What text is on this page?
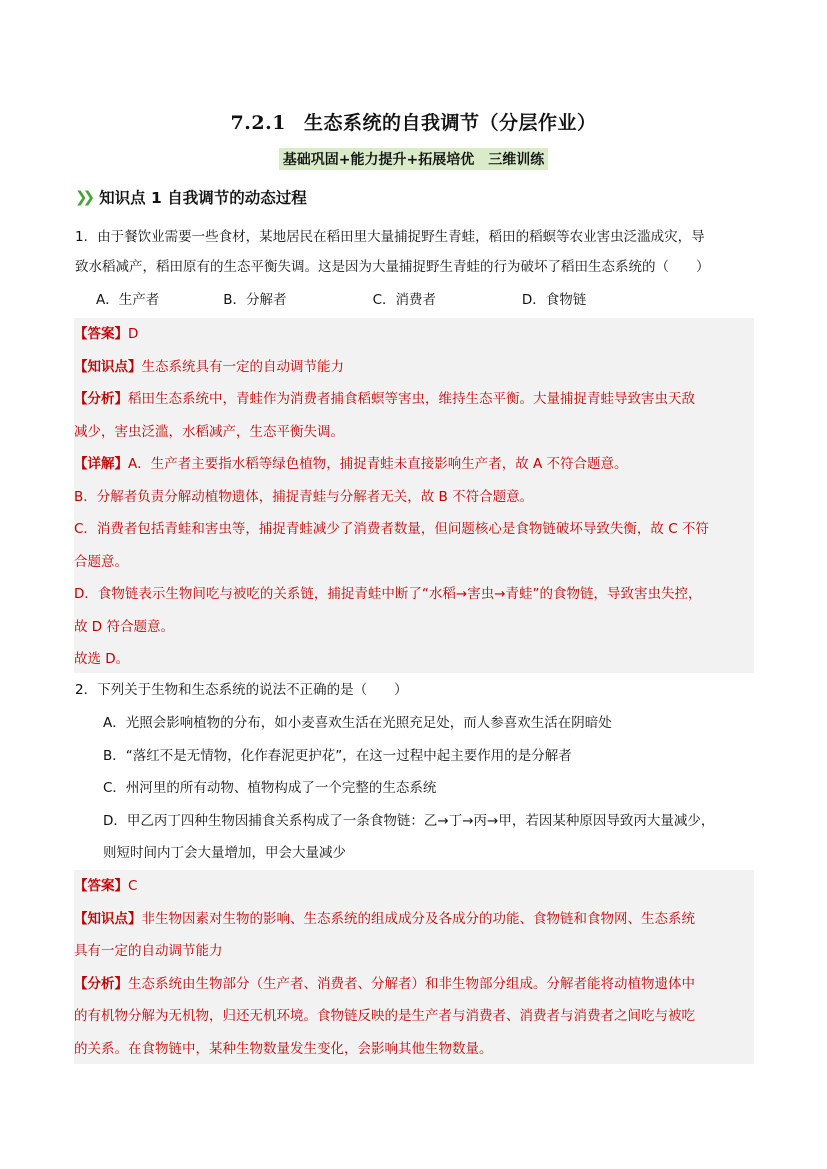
7.2.1 生态系统的自我调节（分层作业）
基础巩固+能力提升+拓展培优　三维训练
❯❯ 知识点 1 自我调节的动态过程
1．由于餐饮业需要一些食材，某地居民在稻田里大量捕捉野生青蛙，稻田的稻螟等农业害虫泛滥成灾，导
致水稻减产，稻田原有的生态平衡失调。这是因为大量捕捉野生青蛙的行为破坏了稻田生态系统的（　　）
A．生产者	B．分解者	C．消费者	D．食物链

【答案】D

【知识点】生态系统具有一定的自动调节能力

【分析】稻田生态系统中，青蛙作为消费者捕食稻螟等害虫，维持生态平衡。大量捕捉青蛙导致害虫天敌

减少，害虫泛滥，水稻减产，生态平衡失调。

【详解】A．生产者主要指水稻等绿色植物，捕捉青蛙未直接影响生产者，故 A 不符合题意。

B．分解者负责分解动植物遗体，捕捉青蛙与分解者无关，故 B 不符合题意。

C．消费者包括青蛙和害虫等，捕捉青蛙减少了消费者数量，但问题核心是食物链破坏导致失衡，故 C 不符

合题意。

D．食物链表示生物间吃与被吃的关系链，捕捉青蛙中断了“水稻→害虫→青蛙”的食物链，导致害虫失控，

故 D 符合题意。

故选 D。

2．下列关于生物和生态系统的说法不正确的是（　　）
A．光照会影响植物的分布，如小麦喜欢生活在光照充足处，而人参喜欢生活在阴暗处
B．“落红不是无情物，化作春泥更护花”，在这一过程中起主要作用的是分解者
C．州河里的所有动物、植物构成了一个完整的生态系统
D．甲乙丙丁四种生物因捕食关系构成了一条食物链：乙→丁→丙→甲，若因某种原因导致丙大量减少，
则短时间内丁会大量增加，甲会大量减少

【答案】C

【知识点】非生物因素对生物的影响、生态系统的组成成分及各成分的功能、食物链和食物网、生态系统

具有一定的自动调节能力

【分析】生态系统由生物部分（生产者、消费者、分解者）和非生物部分组成。分解者能将动植物遗体中

的有机物分解为无机物，归还无机环境。食物链反映的是生产者与消费者、消费者与消费者之间吃与被吃

的关系。在食物链中，某种生物数量发生变化，会影响其他生物数量。
